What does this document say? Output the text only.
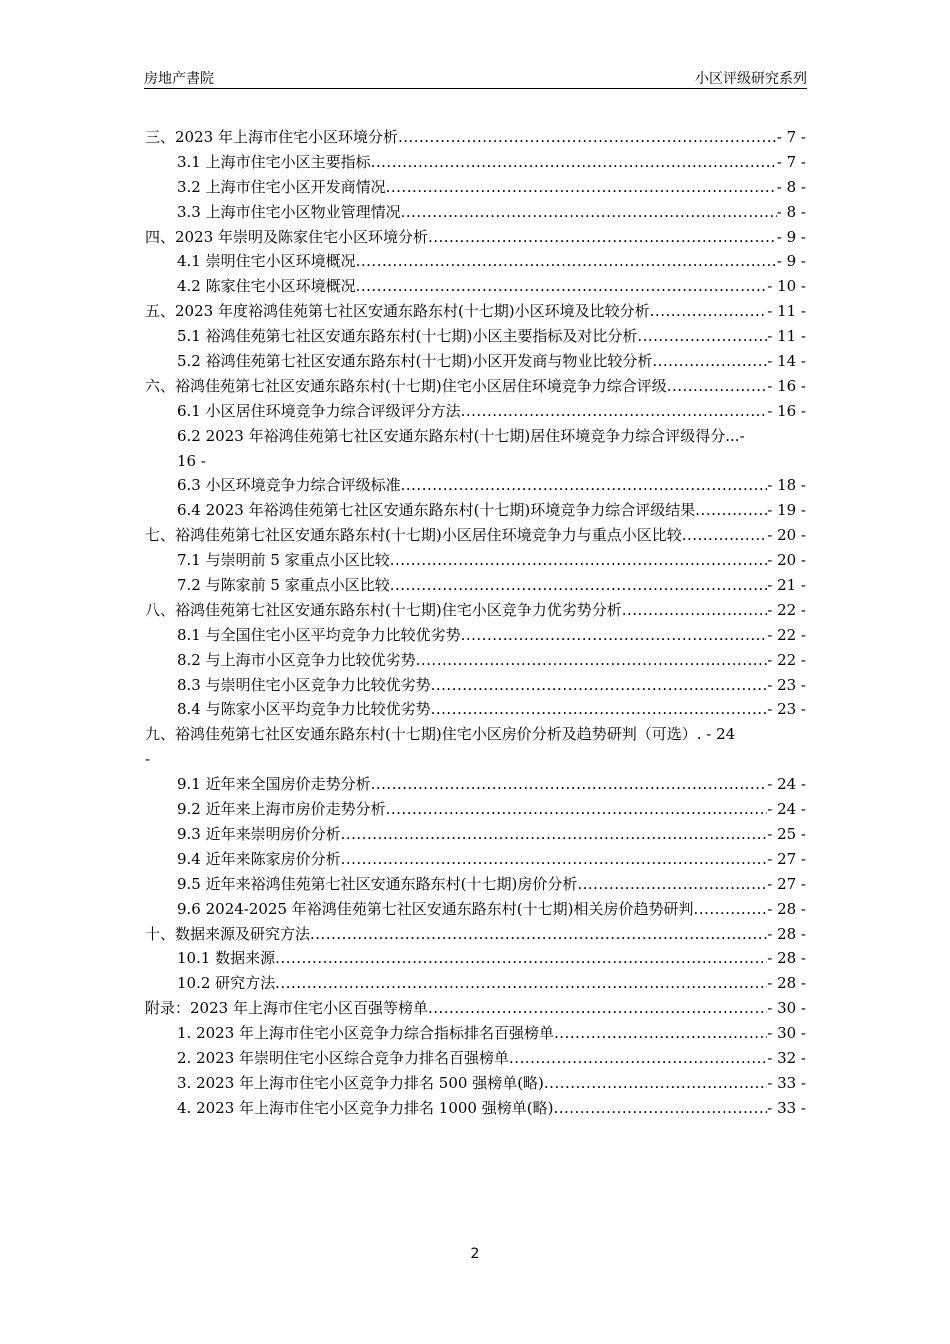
房地产書院	小区评级研究系列
三、2023 年上海市住宅小区环境分析 .....	- 7 -
3.1 上海市住宅小区主要指标 .....	- 7 -
3.2 上海市住宅小区开发商情况 .....	- 8 -
3.3 上海市住宅小区物业管理情况 .....	- 8 -
四、2023 年崇明及陈家住宅小区环境分析 .....	- 9 -
4.1 崇明住宅小区环境概况 .....	- 9 -
4.2 陈家住宅小区环境概况 .....	- 10 -
五、2023 年度裕鸿佳苑第七社区安通东路东村(十七期)小区环境及比较分析 .....	- 11 -
5.1 裕鸿佳苑第七社区安通东路东村(十七期)小区主要指标及对比分析 .....	- 11 -
5.2 裕鸿佳苑第七社区安通东路东村(十七期)小区开发商与物业比较分析 .....	- 14 -
六、裕鸿佳苑第七社区安通东路东村(十七期)住宅小区居住环境竞争力综合评级 .....	- 16 -
6.1 小区居住环境竞争力综合评级评分方法 .....	- 16 -
6.2 2023 年裕鸿佳苑第七社区安通东路东村(十七期)居住环境竞争力综合评级得分...-
16 -
6.3 小区环境竞争力综合评级标准 .....	- 18 -
6.4 2023 年裕鸿佳苑第七社区安通东路东村(十七期)环境竞争力综合评级结果 .....	- 19 -
七、裕鸿佳苑第七社区安通东路东村(十七期)小区居住环境竞争力与重点小区比较 .....	- 20 -
7.1 与崇明前 5 家重点小区比较 .....	- 20 -
7.2 与陈家前 5 家重点小区比较 .....	- 21 -
八、裕鸿佳苑第七社区安通东路东村(十七期)住宅小区竞争力优劣势分析 .....	- 22 -
8.1 与全国住宅小区平均竞争力比较优劣势 .....	- 22 -
8.2 与上海市小区竞争力比较优劣势 .....	- 22 -
8.3 与崇明住宅小区竞争力比较优劣势 .....	- 23 -
8.4 与陈家小区平均竞争力比较优劣势 .....	- 23 -
九、裕鸿佳苑第七社区安通东路东村(十七期)住宅小区房价分析及趋势研判（可选）. - 24
-
9.1 近年来全国房价走势分析 .....	- 24 -
9.2 近年来上海市房价走势分析 .....	- 24 -
9.3 近年来崇明房价分析 .....	- 25 -
9.4 近年来陈家房价分析 .....	- 27 -
9.5 近年来裕鸿佳苑第七社区安通东路东村(十七期)房价分析 .....	- 27 -
9.6 2024-2025 年裕鸿佳苑第七社区安通东路东村(十七期)相关房价趋势研判 .....	- 28 -
十、数据来源及研究方法 .....	- 28 -
10.1 数据来源 .....	- 28 -
10.2 研究方法 .....	- 28 -
附录：2023 年上海市住宅小区百强等榜单 .....	- 30 -
1. 2023 年上海市住宅小区竞争力综合指标排名百强榜单 .....	- 30 -
2. 2023 年崇明住宅小区综合竞争力排名百强榜单 .....	- 32 -
3. 2023 年上海市住宅小区竞争力排名 500 强榜单(略) .....	- 33 -
4. 2023 年上海市住宅小区竞争力排名 1000 强榜单(略) .....	- 33 -
2
